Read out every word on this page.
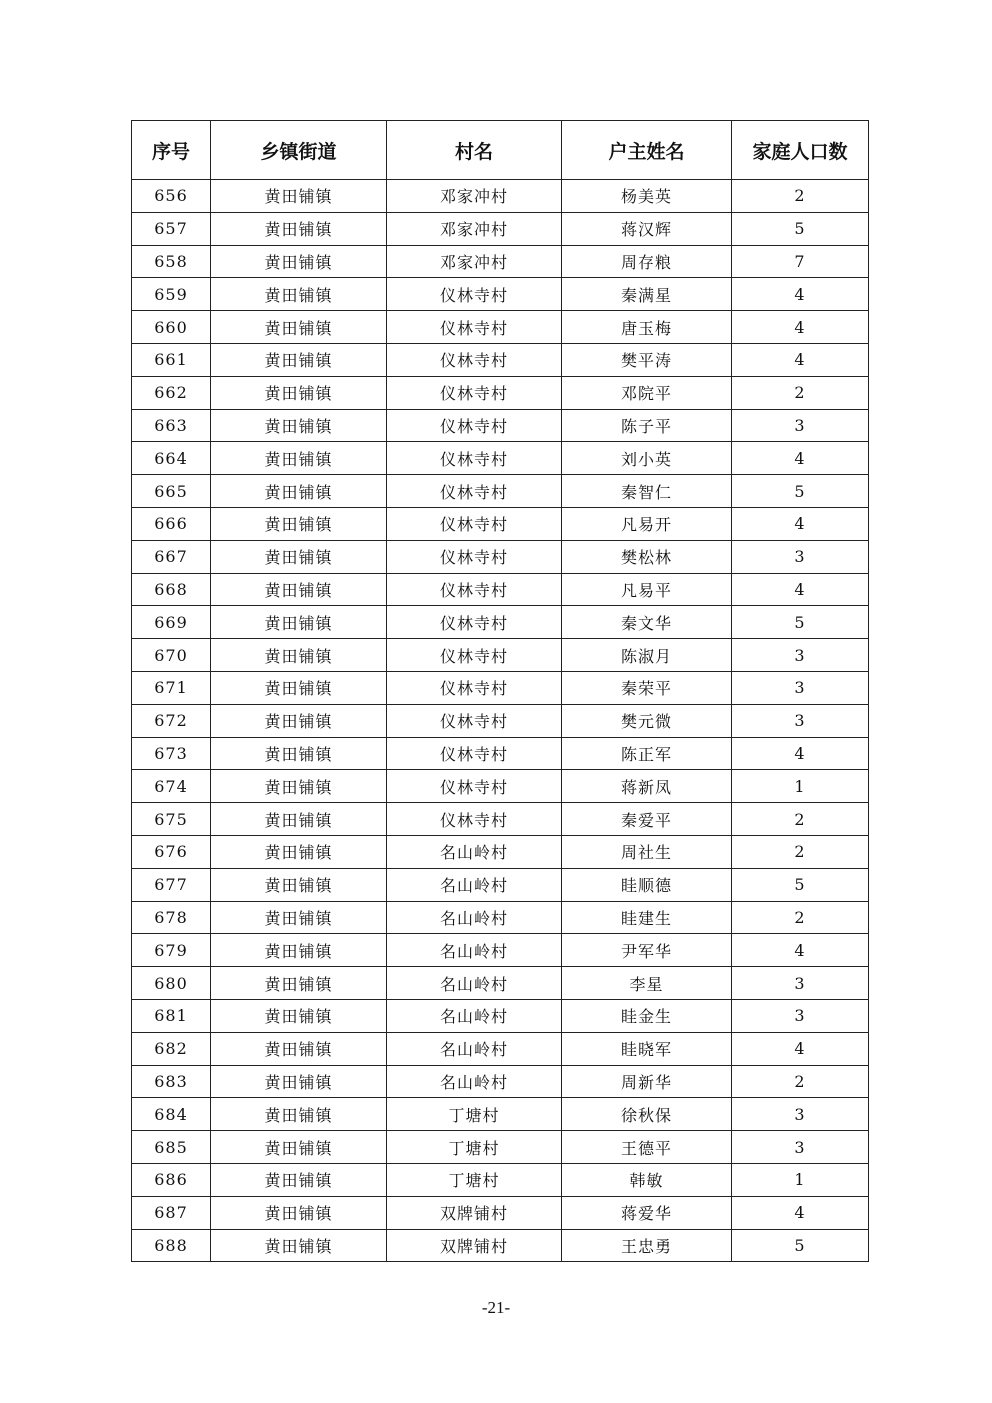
序号	乡镇街道	村名	户主姓名	家庭人口数
656	黄田铺镇	邓家冲村	杨美英	2
657	黄田铺镇	邓家冲村	蒋汉辉	5
658	黄田铺镇	邓家冲村	周存粮	7
659	黄田铺镇	仪林寺村	秦满星	4
660	黄田铺镇	仪林寺村	唐玉梅	4
661	黄田铺镇	仪林寺村	樊平涛	4
662	黄田铺镇	仪林寺村	邓院平	2
663	黄田铺镇	仪林寺村	陈子平	3
664	黄田铺镇	仪林寺村	刘小英	4
665	黄田铺镇	仪林寺村	秦智仁	5
666	黄田铺镇	仪林寺村	凡易开	4
667	黄田铺镇	仪林寺村	樊松林	3
668	黄田铺镇	仪林寺村	凡易平	4
669	黄田铺镇	仪林寺村	秦文华	5
670	黄田铺镇	仪林寺村	陈淑月	3
671	黄田铺镇	仪林寺村	秦荣平	3
672	黄田铺镇	仪林寺村	樊元微	3
673	黄田铺镇	仪林寺村	陈正军	4
674	黄田铺镇	仪林寺村	蒋新凤	1
675	黄田铺镇	仪林寺村	秦爱平	2
676	黄田铺镇	名山岭村	周社生	2
677	黄田铺镇	名山岭村	眭顺德	5
678	黄田铺镇	名山岭村	眭建生	2
679	黄田铺镇	名山岭村	尹军华	4
680	黄田铺镇	名山岭村	李星	3
681	黄田铺镇	名山岭村	眭金生	3
682	黄田铺镇	名山岭村	眭晓军	4
683	黄田铺镇	名山岭村	周新华	2
684	黄田铺镇	丁塘村	徐秋保	3
685	黄田铺镇	丁塘村	王德平	3
686	黄田铺镇	丁塘村	韩敏	1
687	黄田铺镇	双牌铺村	蒋爱华	4
688	黄田铺镇	双牌铺村	王忠勇	5
-21-
